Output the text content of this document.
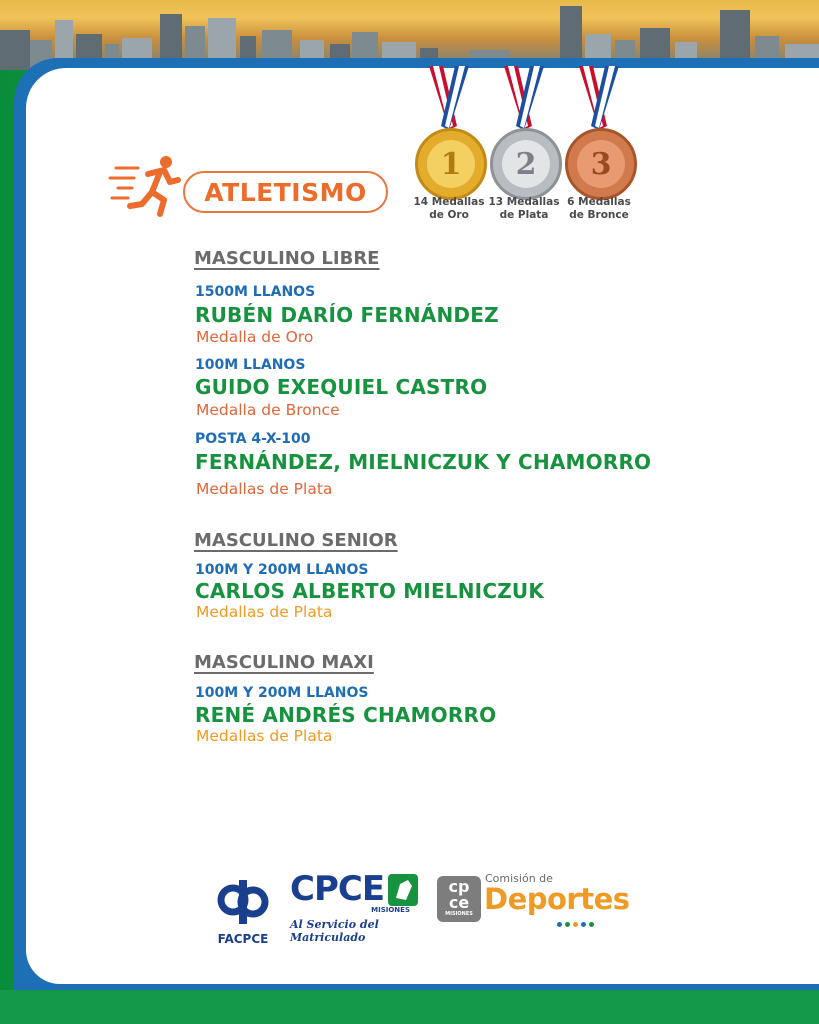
ATLETISMO
1
14 Medallas
de Oro
2
13 Medallas
de Plata
3
6 Medallas
de Bronce
MASCULINO LIBRE
1500M LLANOS
RUBÉN DARÍO FERNÁNDEZ
Medalla de Oro
100M LLANOS
GUIDO EXEQUIEL CASTRO
Medalla de Bronce
POSTA 4-X-100
FERNÁNDEZ, MIELNICZUK Y CHAMORRO
Medallas de Plata
MASCULINO SENIOR
100M Y 200M LLANOS
CARLOS ALBERTO MIELNICZUK
Medallas de Plata
MASCULINO MAXI
100M Y 200M LLANOS
RENÉ ANDRÉS CHAMORRO
Medallas de Plata
FACPCE
CPCE
MISIONES
Al Servicio del Matriculado
cp
ce
MISIONES
Comisión de
Deportes
